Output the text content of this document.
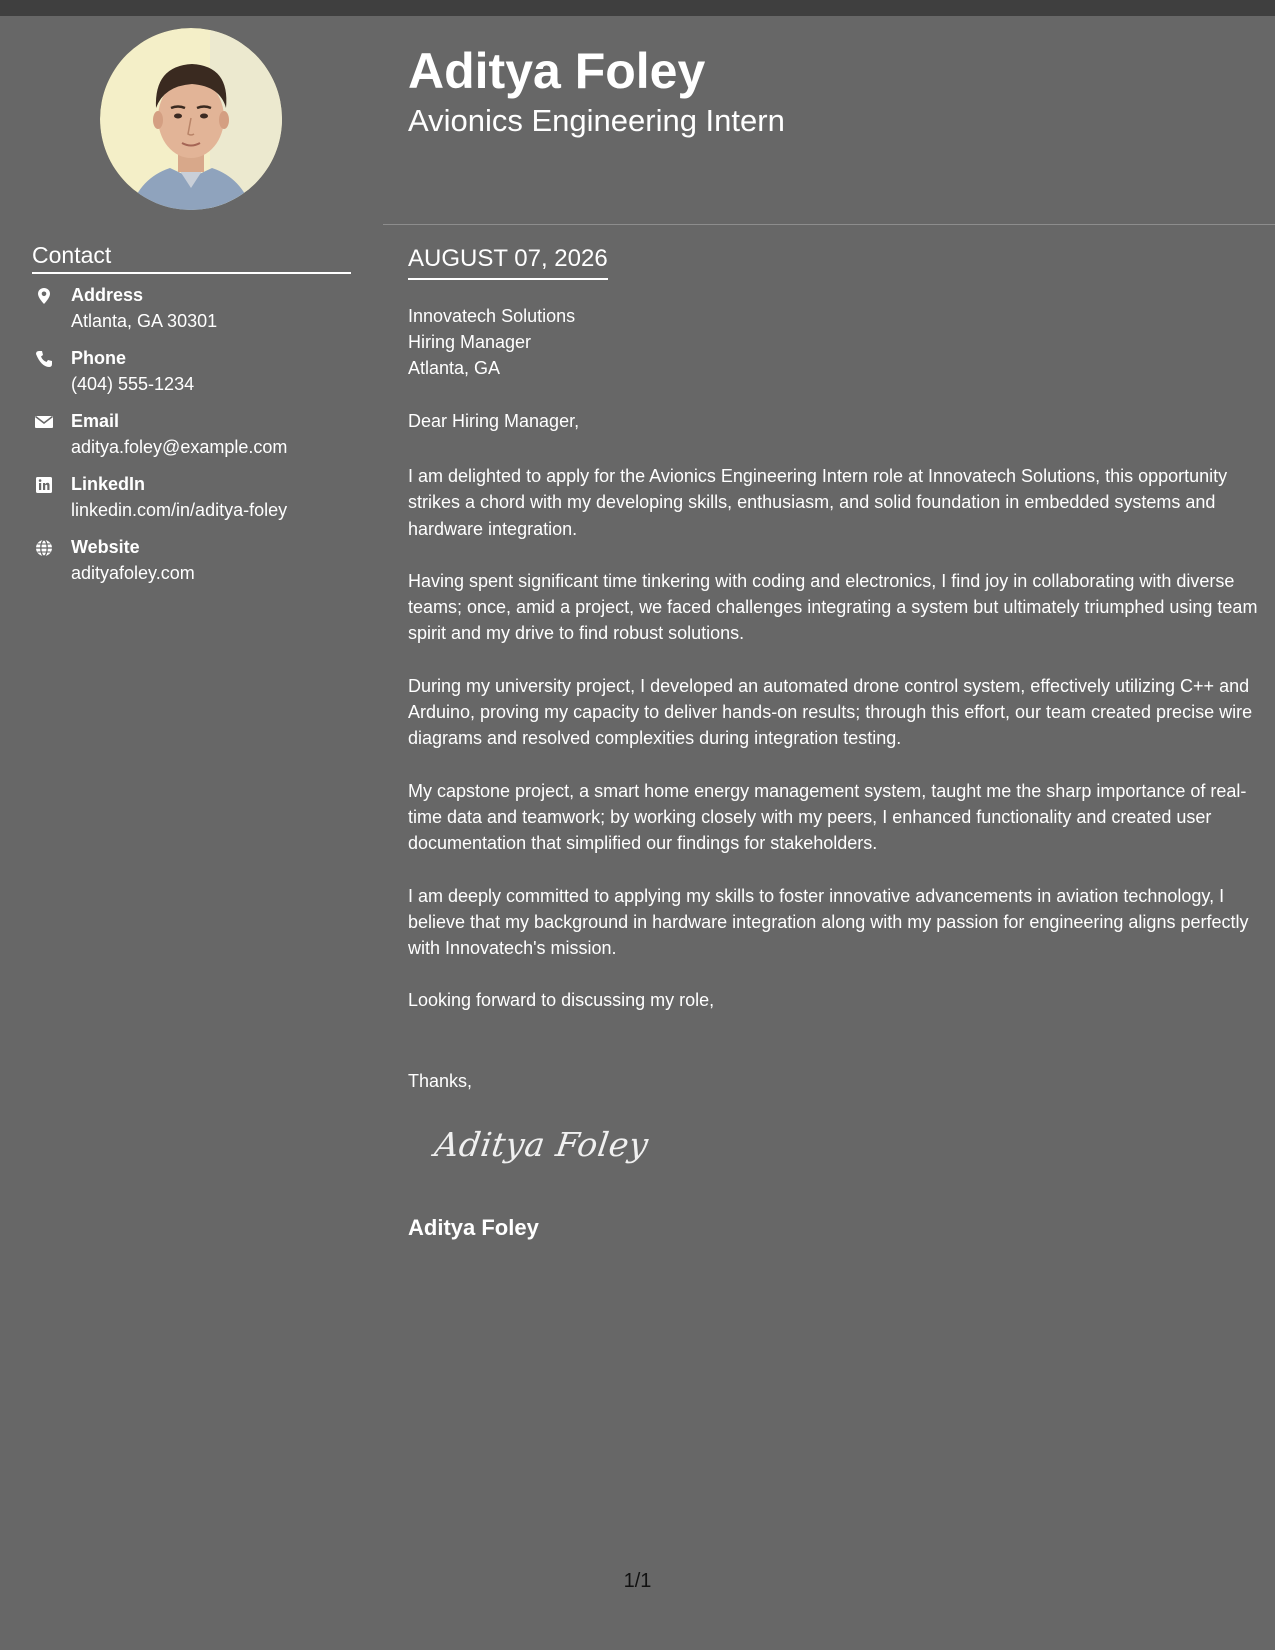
Contact
Address
Atlanta, GA 30301
Phone
(404) 555-1234
Email
aditya.foley@example.com
LinkedIn
linkedin.com/in/aditya-foley
Website
adityafoley.com
Aditya Foley
Avionics Engineering Intern
AUGUST 07, 2026
Innovatech Solutions
Hiring Manager
Atlanta, GA
Dear Hiring Manager,

I am delighted to apply for the Avionics Engineering Intern role at Innovatech Solutions, this opportunity strikes a chord with my developing skills, enthusiasm, and solid foundation in embedded systems and hardware integration.

Having spent significant time tinkering with coding and electronics, I find joy in collaborating with diverse teams; once, amid a project, we faced challenges integrating a system but ultimately triumphed using team spirit and my drive to find robust solutions.

During my university project, I developed an automated drone control system, effectively utilizing C++ and Arduino, proving my capacity to deliver hands-on results; through this effort, our team created precise wire diagrams and resolved complexities during integration testing.

My capstone project, a smart home energy management system, taught me the sharp importance of real-time data and teamwork; by working closely with my peers, I enhanced functionality and created user documentation that simplified our findings for stakeholders.

I am deeply committed to applying my skills to foster innovative advancements in aviation technology, I believe that my background in hardware integration along with my passion for engineering aligns perfectly with Innovatech's mission.

Looking forward to discussing my role,
Thanks,
Aditya Foley
Aditya Foley
1/1
